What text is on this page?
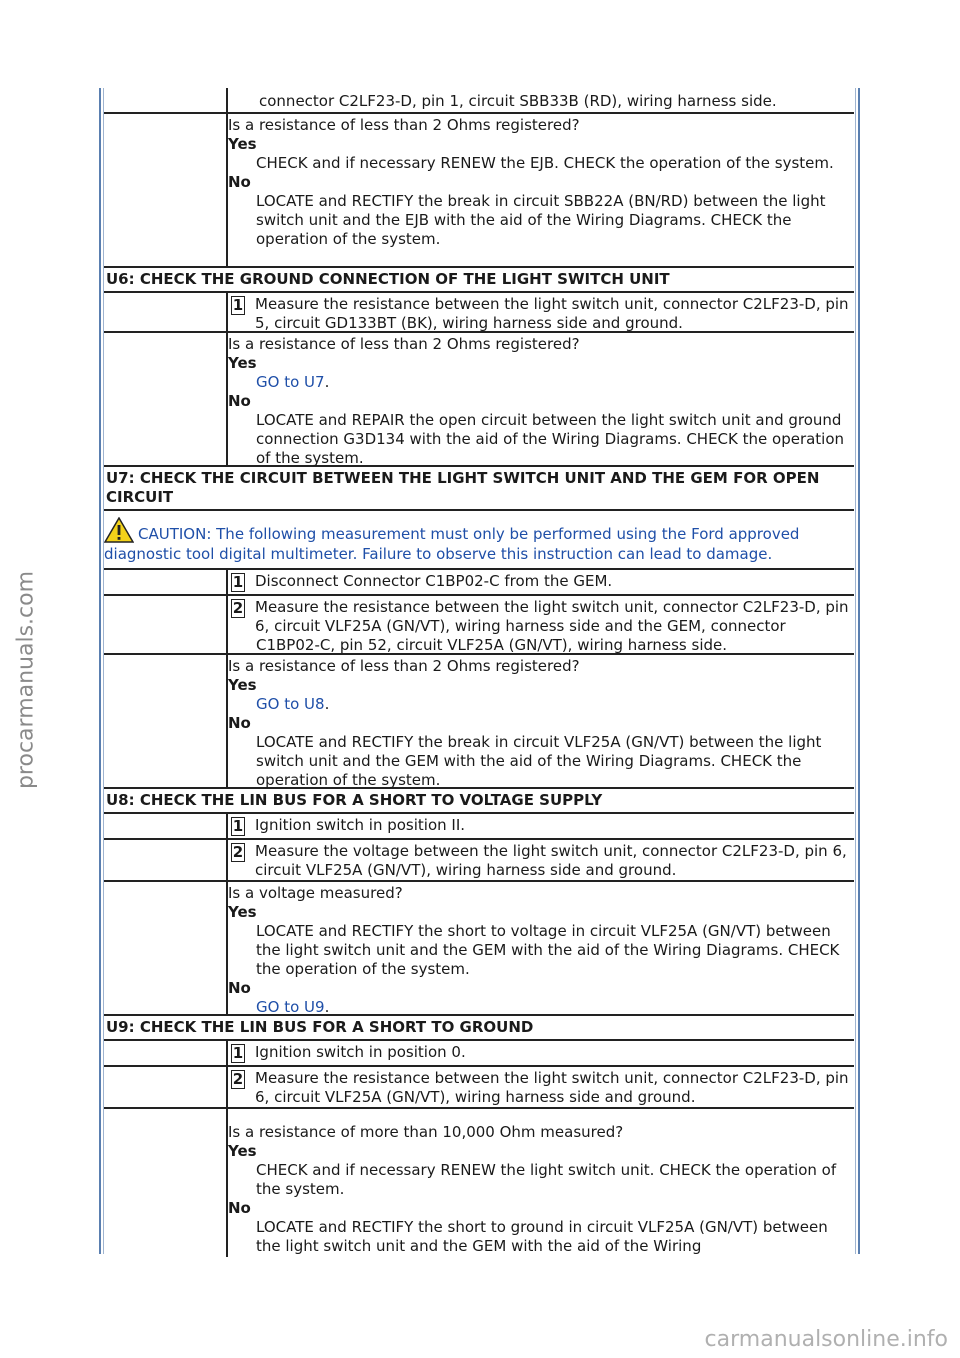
procarmanuals.com
connector C2LF23-D, pin 1, circuit SBB33B (RD), wiring harness side.
Is a resistance of less than 2 Ohms registered?
Yes
CHECK and if necessary RENEW the EJB. CHECK the operation of the system.
No
LOCATE and RECTIFY the break in circuit SBB22A (BN/RD) between the light switch unit and the EJB with the aid of the Wiring Diagrams. CHECK the operation of the system.
U6: CHECK THE GROUND CONNECTION OF THE LIGHT SWITCH UNIT
1 Measure the resistance between the light switch unit, connector C2LF23-D, pin 5, circuit GD133BT (BK), wiring harness side and ground.
Is a resistance of less than 2 Ohms registered?
Yes
GO to U7.
No
LOCATE and REPAIR the open circuit between the light switch unit and ground connection G3D134 with the aid of the Wiring Diagrams. CHECK the operation of the system.
U7: CHECK THE CIRCUIT BETWEEN THE LIGHT SWITCH UNIT AND THE GEM FOR OPEN CIRCUIT
CAUTION: The following measurement must only be performed using the Ford approved diagnostic tool digital multimeter. Failure to observe this instruction can lead to damage.
1 Disconnect Connector C1BP02-C from the GEM.
2 Measure the resistance between the light switch unit, connector C2LF23-D, pin 6, circuit VLF25A (GN/VT), wiring harness side and the GEM, connector
C1BP02-C, pin 52, circuit VLF25A (GN/VT), wiring harness side.
Is a resistance of less than 2 Ohms registered?
Yes
GO to U8.
No
LOCATE and RECTIFY the break in circuit VLF25A (GN/VT) between the light switch unit and the GEM with the aid of the Wiring Diagrams. CHECK the operation of the system.
U8: CHECK THE LIN BUS FOR A SHORT TO VOLTAGE SUPPLY
1 Ignition switch in position II.
2 Measure the voltage between the light switch unit, connector C2LF23-D, pin 6, circuit VLF25A (GN/VT), wiring harness side and ground.
Is a voltage measured?
Yes
LOCATE and RECTIFY the short to voltage in circuit VLF25A (GN/VT) between the light switch unit and the GEM with the aid of the Wiring Diagrams. CHECK the operation of the system.
No
GO to U9.
U9: CHECK THE LIN BUS FOR A SHORT TO GROUND
1 Ignition switch in position 0.
2 Measure the resistance between the light switch unit, connector C2LF23-D, pin 6, circuit VLF25A (GN/VT), wiring harness side and ground.
Is a resistance of more than 10,000 Ohm measured?
Yes
CHECK and if necessary RENEW the light switch unit. CHECK the operation of the system.
No
LOCATE and RECTIFY the short to ground in circuit VLF25A (GN/VT) between the light switch unit and the GEM with the aid of the Wiring
carmanualsonline.info
